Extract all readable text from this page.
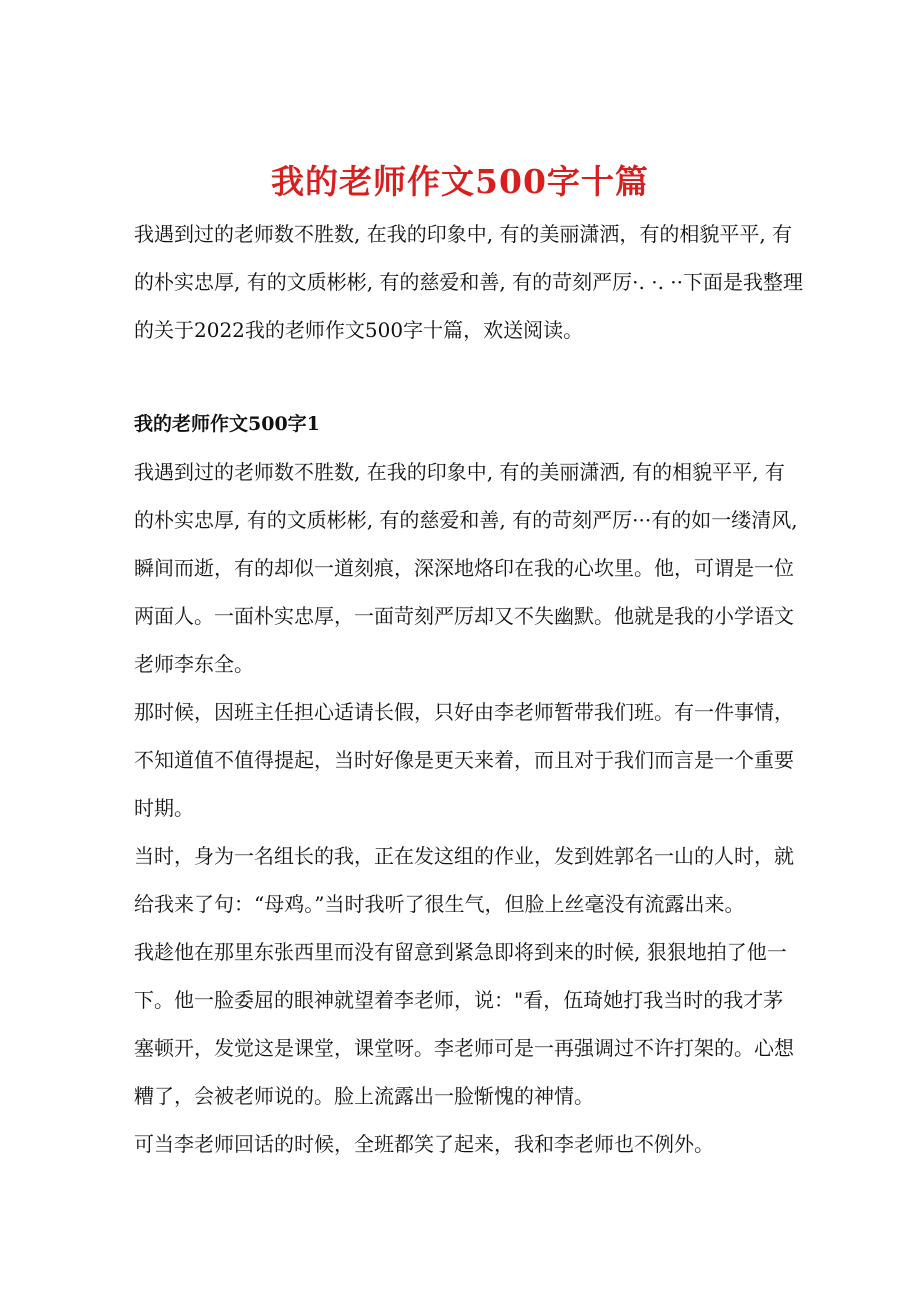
我的老师作文500字十篇
我遇到过的老师数不胜数, 在我的印象中, 有的美丽潇洒，有的相貌平平, 有
的朴实忠厚, 有的文质彬彬, 有的慈爱和善, 有的苛刻严厉·. ·. ··下面是我整理
的关于2022我的老师作文500字十篇，欢送阅读。
我的老师作文500字1
我遇到过的老师数不胜数, 在我的印象中, 有的美丽潇洒, 有的相貌平平, 有
的朴实忠厚, 有的文质彬彬, 有的慈爱和善, 有的苛刻严厉···有的如一缕清风,
瞬间而逝，有的却似一道刻痕，深深地烙印在我的心坎里。他，可谓是一位
两面人。一面朴实忠厚，一面苛刻严厉却又不失幽默。他就是我的小学语文
老师李东全。
那时候，因班主任担心适请长假，只好由李老师暂带我们班。有一件事情，
不知道值不值得提起，当时好像是更天来着，而且对于我们而言是一个重要
时期。
当时，身为一名组长的我，正在发这组的作业，发到姓郭名一山的人时，就
给我来了句：“母鸡。”当时我听了很生气，但脸上丝毫没有流露出来。
我趁他在那里东张西里而没有留意到紧急即将到来的时候, 狠狠地拍了他一
下。他一脸委屈的眼神就望着李老师，说："看，伍琦她打我当时的我才茅
塞顿开，发觉这是课堂，课堂呀。李老师可是一再强调过不许打架的。心想
糟了，会被老师说的。脸上流露出一脸惭愧的神情。
可当李老师回话的时候，全班都笑了起来，我和李老师也不例外。
